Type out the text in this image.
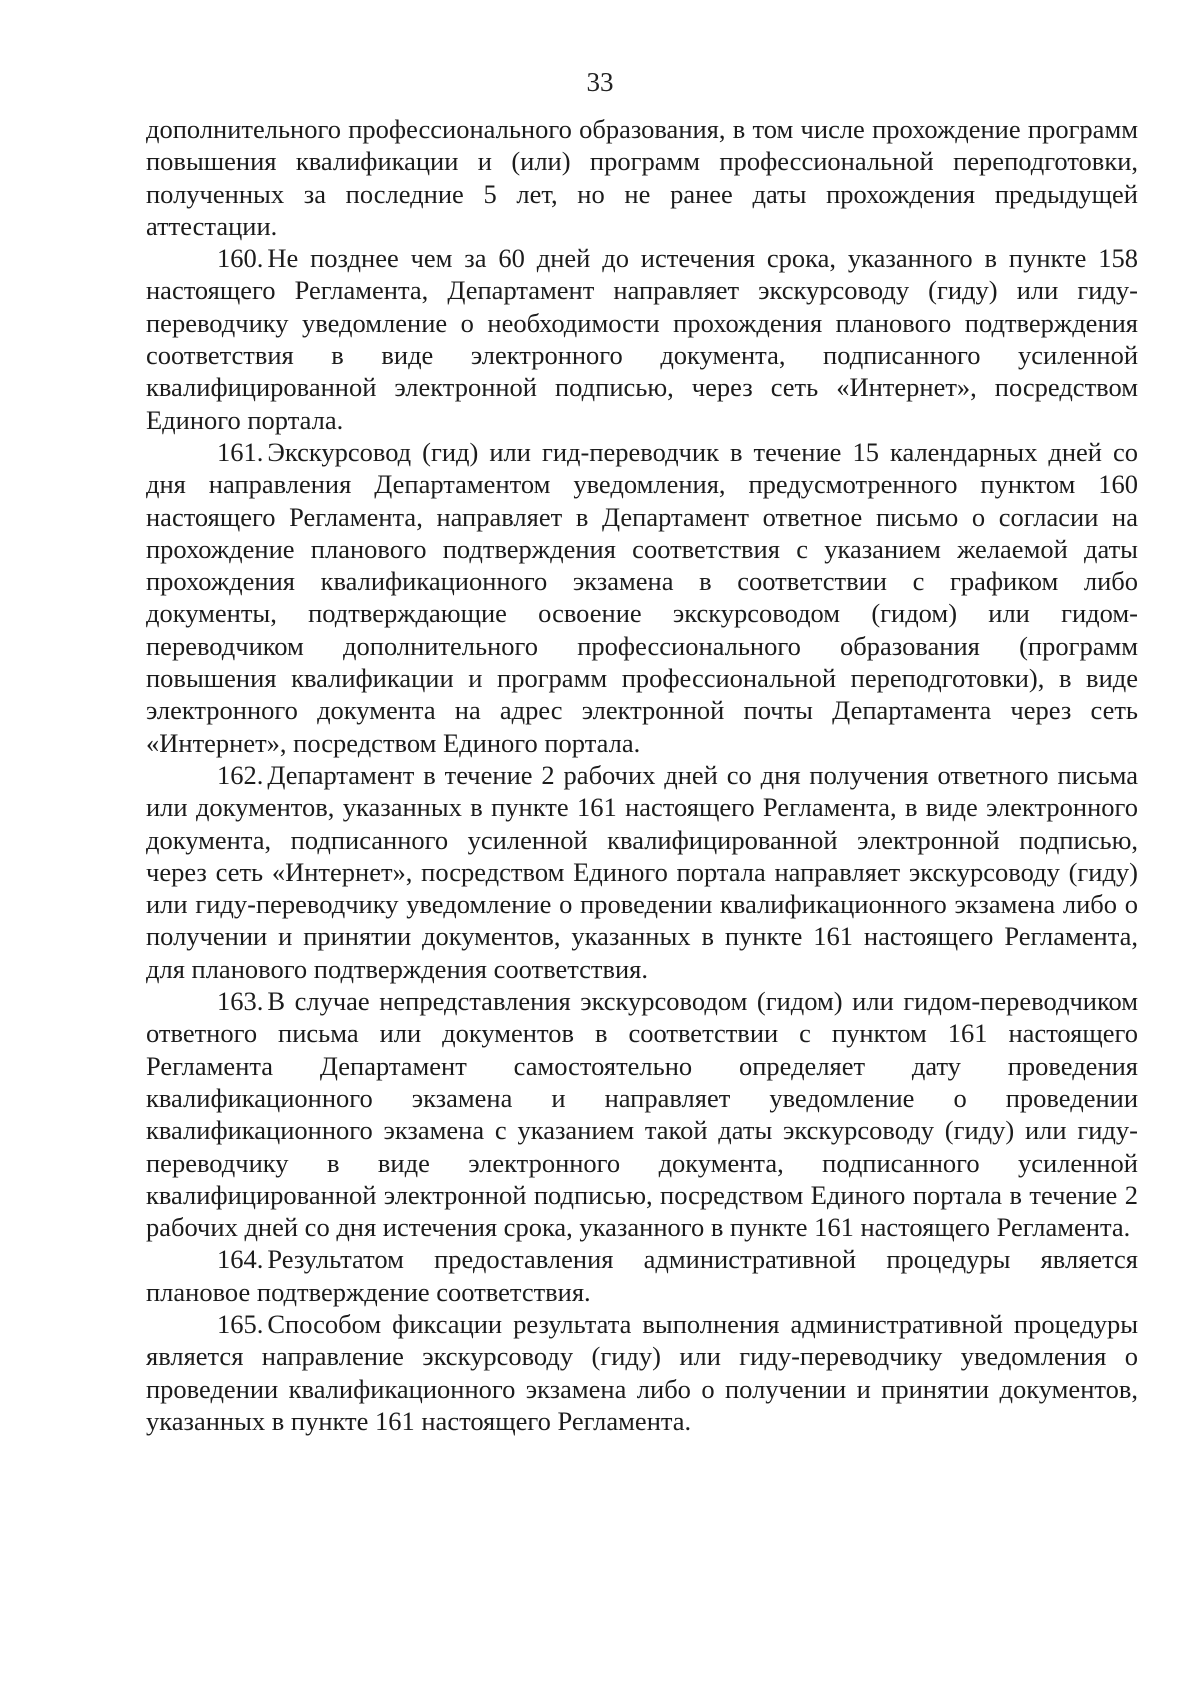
33

дополнительного профессионального образования, в том числе прохождение программ повышения квалификации и (или) программ профессиональной переподготовки, полученных за последние 5 лет, но не ранее даты прохождения предыдущей аттестации.

160. Не позднее чем за 60 дней до истечения срока, указанного в пункте 158 настоящего Регламента, Департамент направляет экскурсоводу (гиду) или гиду-переводчику уведомление о необходимости прохождения планового подтверждения соответствия в виде электронного документа, подписанного усиленной квалифицированной электронной подписью, через сеть «Интернет», посредством Единого портала.

161. Экскурсовод (гид) или гид-переводчик в течение 15 календарных дней со дня направления Департаментом уведомления, предусмотренного пунктом 160 настоящего Регламента, направляет в Департамент ответное письмо о согласии на прохождение планового подтверждения соответствия с указанием желаемой даты прохождения квалификационного экзамена в соответствии с графиком либо документы, подтверждающие освоение экскурсоводом (гидом) или гидом-переводчиком дополнительного профессионального образования (программ повышения квалификации и программ профессиональной переподготовки), в виде электронного документа на адрес электронной почты Департамента через сеть «Интернет», посредством Единого портала.

162. Департамент в течение 2 рабочих дней со дня получения ответного письма или документов, указанных в пункте 161 настоящего Регламента, в виде электронного документа, подписанного усиленной квалифицированной электронной подписью, через сеть «Интернет», посредством Единого портала направляет экскурсоводу (гиду) или гиду-переводчику уведомление о проведении квалификационного экзамена либо о получении и принятии документов, указанных в пункте 161 настоящего Регламента, для планового подтверждения соответствия.

163. В случае непредставления экскурсоводом (гидом) или гидом-переводчиком ответного письма или документов в соответствии с пунктом 161 настоящего Регламента Департамент самостоятельно определяет дату проведения квалификационного экзамена и направляет уведомление о проведении квалификационного экзамена с указанием такой даты экскурсоводу (гиду) или гиду-переводчику в виде электронного документа, подписанного усиленной квалифицированной электронной подписью, посредством Единого портала в течение 2 рабочих дней со дня истечения срока, указанного в пункте 161 настоящего Регламента.

164. Результатом предоставления административной процедуры является плановое подтверждение соответствия.

165. Способом фиксации результата выполнения административной процедуры является направление экскурсоводу (гиду) или гиду-переводчику уведомления о проведении квалификационного экзамена либо о получении и принятии документов, указанных в пункте 161 настоящего Регламента.
